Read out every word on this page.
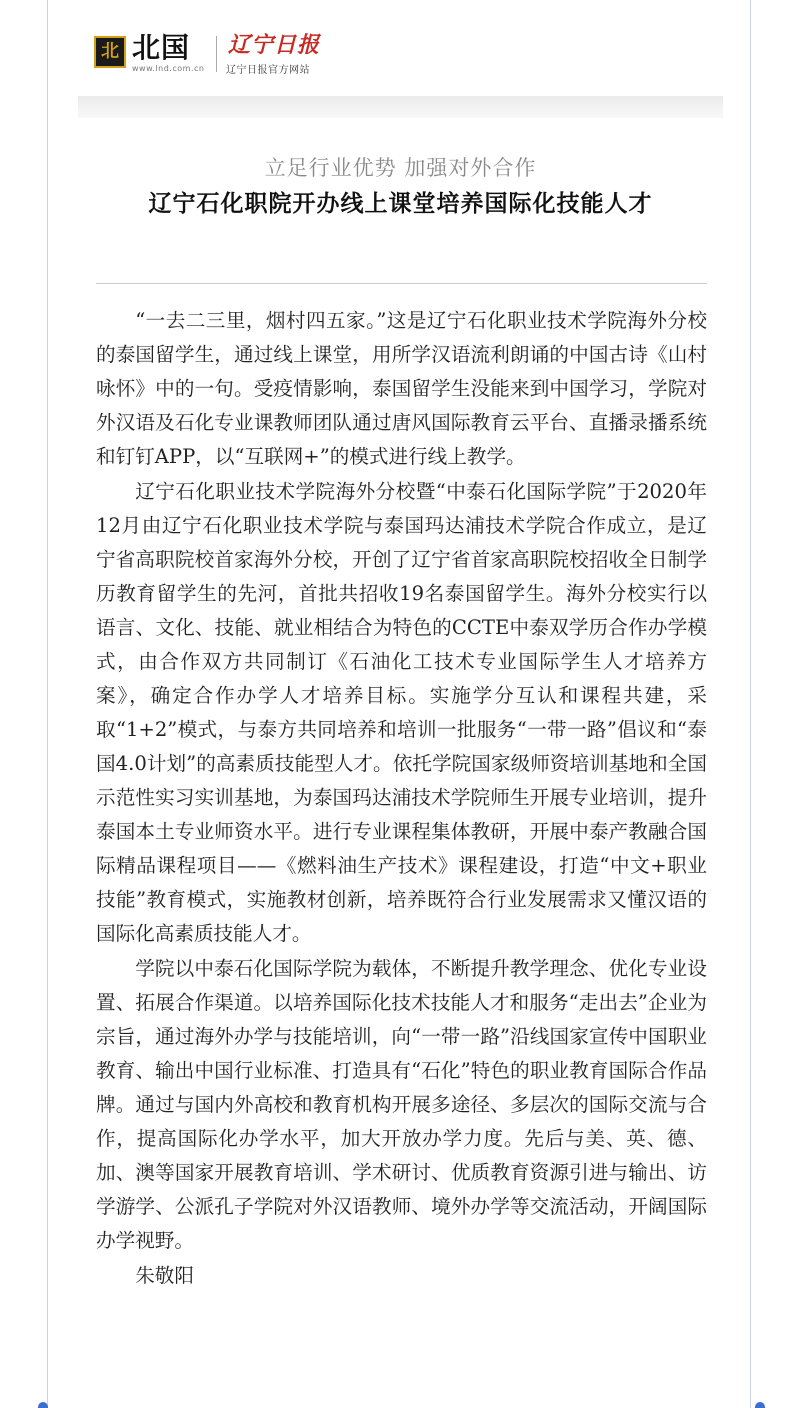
北 北国
www.lnd.com.cn
辽宁日报
辽宁日报官方网站
立足行业优势 加强对外合作
辽宁石化职院开办线上课堂培养国际化技能人才

“一去二三里，烟村四五家。”这是辽宁石化职业技术学院海外分校的泰国留学生，通过线上课堂，用所学汉语流利朗诵的中国古诗《山村咏怀》中的一句。受疫情影响，泰国留学生没能来到中国学习，学院对外汉语及石化专业课教师团队通过唐风国际教育云平台、直播录播系统和钉钉APP，以“互联网+”的模式进行线上教学。

辽宁石化职业技术学院海外分校暨“中泰石化国际学院”于2020年12月由辽宁石化职业技术学院与泰国玛达浦技术学院合作成立，是辽宁省高职院校首家海外分校，开创了辽宁省首家高职院校招收全日制学历教育留学生的先河，首批共招收19名泰国留学生。海外分校实行以语言、文化、技能、就业相结合为特色的CCTE中泰双学历合作办学模式，由合作双方共同制订《石油化工技术专业国际学生人才培养方案》，确定合作办学人才培养目标。实施学分互认和课程共建，采取“1+2”模式，与泰方共同培养和培训一批服务“一带一路”倡议和“泰国4.0计划”的高素质技能型人才。依托学院国家级师资培训基地和全国示范性实习实训基地，为泰国玛达浦技术学院师生开展专业培训，提升泰国本土专业师资水平。进行专业课程集体教研，开展中泰产教融合国际精品课程项目——《燃料油生产技术》课程建设，打造“中文+职业技能”教育模式，实施教材创新，培养既符合行业发展需求又懂汉语的国际化高素质技能人才。

学院以中泰石化国际学院为载体，不断提升教学理念、优化专业设置、拓展合作渠道。以培养国际化技术技能人才和服务“走出去”企业为宗旨，通过海外办学与技能培训，向“一带一路”沿线国家宣传中国职业教育、输出中国行业标准、打造具有“石化”特色的职业教育国际合作品牌。通过与国内外高校和教育机构开展多途径、多层次的国际交流与合作，提高国际化办学水平，加大开放办学力度。先后与美、英、德、加、澳等国家开展教育培训、学术研讨、优质教育资源引进与输出、访学游学、公派孔子学院对外汉语教师、境外办学等交流活动，开阔国际办学视野。

朱敬阳
